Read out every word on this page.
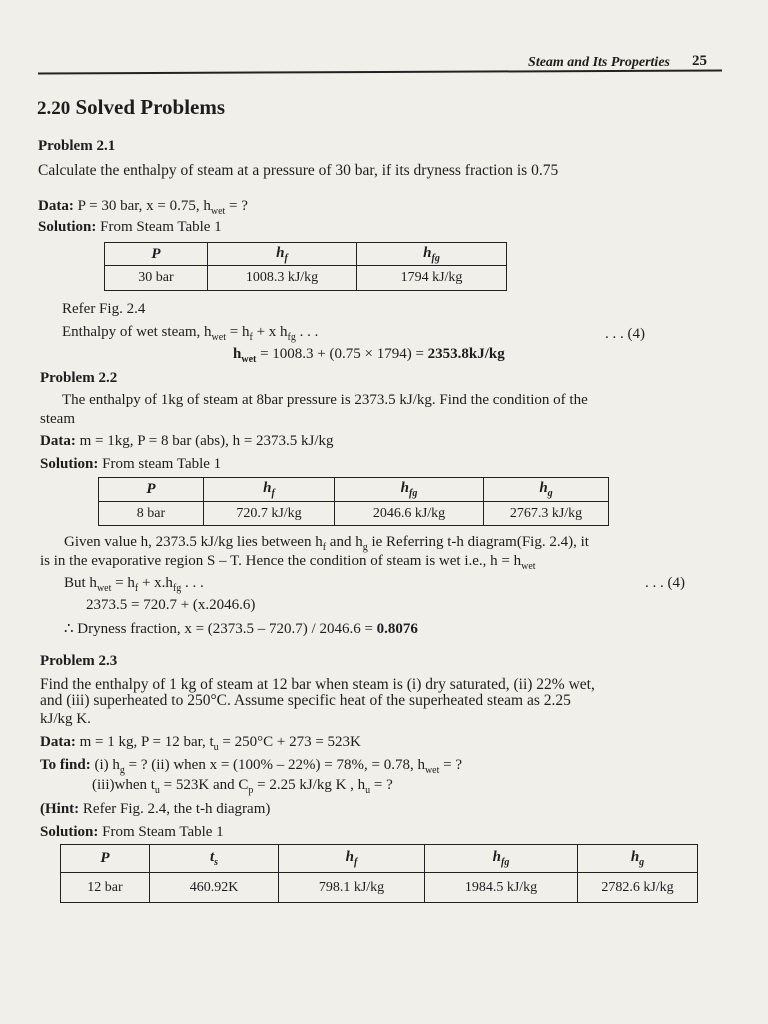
Steam and Its Properties 25
2.20 Solved Problems
Problem 2.1
Calculate the enthalpy of steam at a pressure of 30 bar, if its dryness fraction is 0.75
Data: P = 30 bar, x = 0.75, $h_{wet}$ = ?
Solution: From Steam Table 1
P	$h_f$	$h_{fg}$
30 bar	1008.3 kJ/kg	1794 kJ/kg
Refer Fig. 2.4
Enthalpy of wet steam, $h_{wet} = h_f + x$ $h_{fg}$ . . .	. . . (4)
$h_{wet} = 1008.3 + (0.75 \times 1794) = 2353.8kJ/kg$
Problem 2.2
The enthalpy of 1kg of steam at 8bar pressure is 2373.5 kJ/kg. Find the condition of the
steam
Data: m = 1kg, P = 8 bar (abs), h = 2373.5 kJ/kg
Solution: From steam Table 1
P	$h_f$	$h_{fg}$	$h_g$
8 bar	720.7 kJ/kg	2046.6 kJ/kg	2767.3 kJ/kg
Given value h, 2373.5 kJ/kg lies between $h_f$ and $h_g$ ie Referring t-h diagram(Fig. 2.4), it
is in the evaporative region S – T. Hence the condition of steam is wet i.e., $h = h_{wet}$
But $h_{wet} = h_f + x.h_{fg}$ . . .	. . . (4)
2373.5 = 720.7 + (x.2046.6)
∴ Dryness fraction, x = (2373.5 – 720.7) / 2046.6 = 0.8076
Problem 2.3
Find the enthalpy of 1 kg of steam at 12 bar when steam is (i) dry saturated, (ii) 22% wet,
and (iii) superheated to 250°C. Assume specific heat of the superheated steam as 2.25
kJ/kg K.
Data: m = 1 kg, P = 12 bar, $t_u = 250^\circ C + 273 = 523K$
To find: (i) $h_g$ = ? (ii) when x = (100% – 22%) = 78%, = 0.78, $h_{wet}$ = ?
(iii)when $t_u = 523K$ and $C_p = 2.25$ kJ/kg K , $h_u$ = ?
(Hint: Refer Fig. 2.4, the t-h diagram)
Solution: From Steam Table 1
P	$t_s$	$h_f$	$h_{fg}$	$h_g$
12 bar	460.92K	798.1 kJ/kg	1984.5 kJ/kg	2782.6 kJ/kg
